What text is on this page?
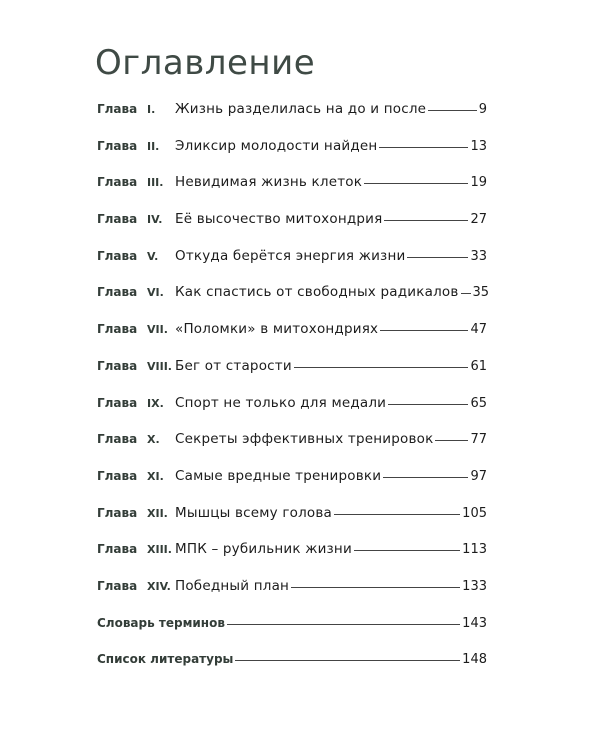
Оглавление
Глава I.	Жизнь разделилась на до и после	9
Глава II.	Эликсир молодости найден	13
Глава III. Невидимая жизнь клеток	19
Глава IV. Её высочество митохондрия	27
Глава V.	Откуда берётся энергия жизни	33
Глава VI. Как спастись от свободных радикалов 35
Глава VII. «Поломки» в митохондриях	47
Глава VIII. Бег от старости	61
Глава IX. Спорт не только для медали	65
Глава X.	Секреты эффективных тренировок	77
Глава XI. Самые вредные тренировки	97
Глава XII. Мышцы всему голова	105
Глава XIII. МПК – рубильник жизни	113
Глава XIV. Победный план	133
Словарь терминов	143
Список литературы	148
